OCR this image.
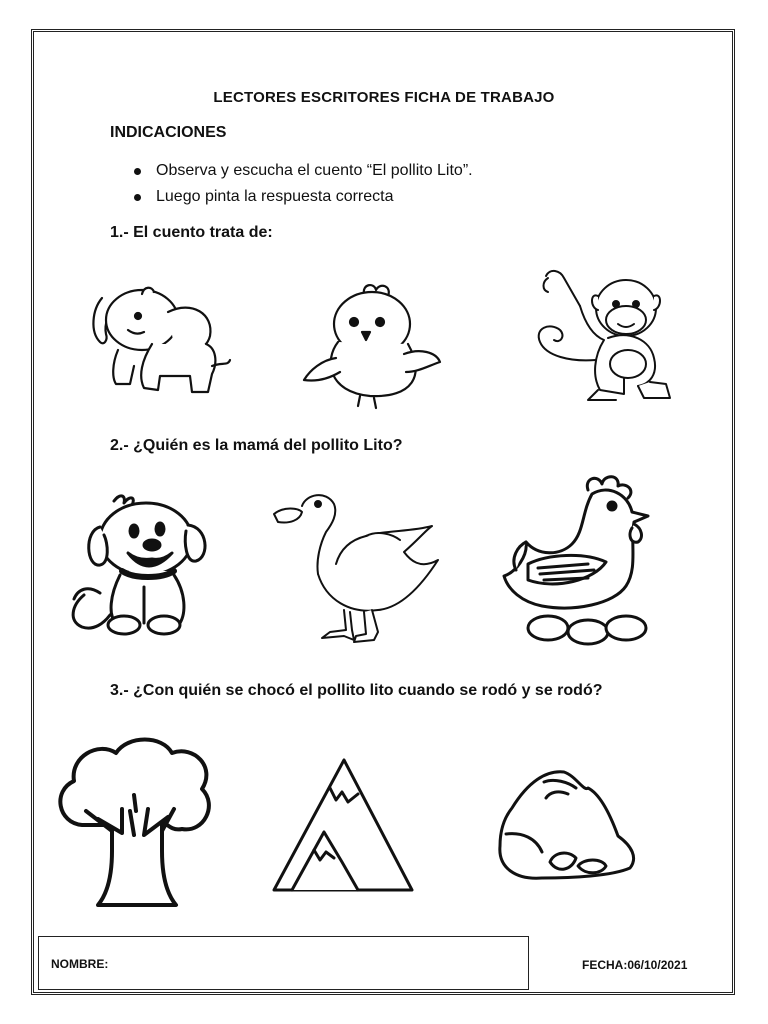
LECTORES ESCRITORES FICHA DE TRABAJO
INDICACIONES
Observa y escucha el cuento “El pollito Lito”.
Luego pinta la respuesta correcta
1.- El cuento trata de:
2.- ¿Quién es la mamá del pollito Lito?
3.- ¿Con quién se chocó el pollito lito cuando se rodó y se rodó?
NOMBRE:	FECHA:06/10/2021
